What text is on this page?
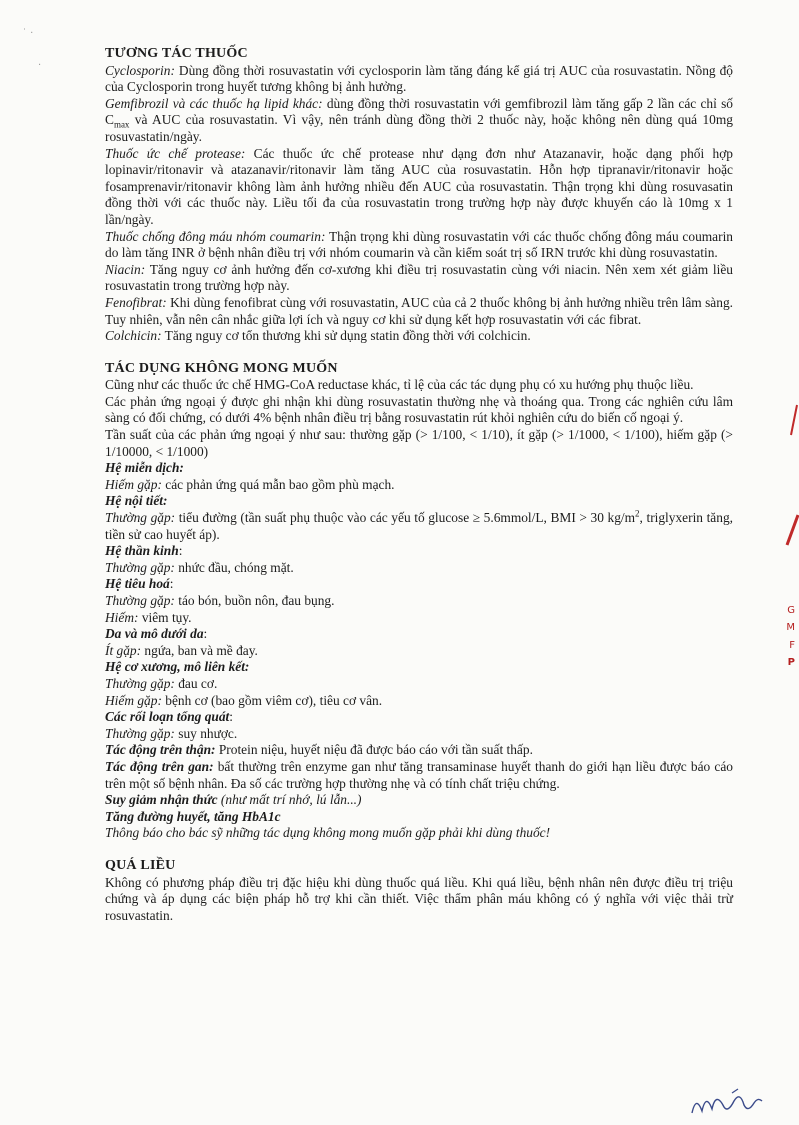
˙ ·
·

TƯƠNG TÁC THUỐC

Cyclosporin: Dùng đồng thời rosuvastatin với cyclosporin làm tăng đáng kể giá trị AUC của rosuvastatin. Nồng độ của Cyclosporin trong huyết tương không bị ảnh hưởng.

Gemfibrozil và các thuốc hạ lipid khác: dùng đồng thời rosuvastatin với gemfibrozil làm tăng gấp 2 lần các chỉ số $C_{max}$ và AUC của rosuvastatin. Vì vậy, nên tránh dùng đồng thời 2 thuốc này, hoặc không nên dùng quá 10mg rosuvastatin/ngày.

Thuốc ức chế protease: Các thuốc ức chế protease như dạng đơn như Atazanavir, hoặc dạng phối hợp lopinavir/ritonavir và atazanavir/ritonavir làm tăng AUC của rosuvastatin. Hỗn hợp tipranavir/ritonavir hoặc fosamprenavir/ritonavir không làm ảnh hưởng nhiều đến AUC của rosuvastatin. Thận trọng khi dùng rosuvasatin đồng thời với các thuốc này. Liều tối đa của rosuvastatin trong trường hợp này được khuyến cáo là 10mg x 1 lần/ngày.

Thuốc chống đông máu nhóm coumarin: Thận trọng khi dùng rosuvastatin với các thuốc chống đông máu coumarin do làm tăng INR ở bệnh nhân điều trị với nhóm coumarin và cần kiểm soát trị số IRN trước khi dùng rosuvastatin.

Niacin: Tăng nguy cơ ảnh hưởng đến cơ-xương khi điều trị rosuvastatin cùng với niacin. Nên xem xét giảm liều rosuvastatin trong trường hợp này.

Fenofibrat: Khi dùng fenofibrat cùng với rosuvastatin, AUC của cả 2 thuốc không bị ảnh hưởng nhiều trên lâm sàng. Tuy nhiên, vẫn nên cân nhắc giữa lợi ích và nguy cơ khi sử dụng kết hợp rosuvastatin với các fibrat.

Colchicin: Tăng nguy cơ tổn thương khi sử dụng statin đồng thời với colchicin.

TÁC DỤNG KHÔNG MONG MUỐN

Cũng như các thuốc ức chế HMG-CoA reductase khác, tỉ lệ của các tác dụng phụ có xu hướng phụ thuộc liều.

Các phản ứng ngoại ý được ghi nhận khi dùng rosuvastatin thường nhẹ và thoáng qua. Trong các nghiên cứu lâm sàng có đối chứng, có dưới 4% bệnh nhân điều trị bằng rosuvastatin rút khỏi nghiên cứu do biến cố ngoại ý.

Tần suất của các phản ứng ngoại ý như sau: thường gặp (> 1/100, < 1/10), ít gặp (> 1/1000, < 1/100), hiếm gặp (> 1/10000, < 1/1000)

Hệ miễn dịch:

Hiếm gặp: các phản ứng quá mẫn bao gồm phù mạch.

Hệ nội tiết:

Thường gặp: tiểu đường (tần suất phụ thuộc vào các yếu tố glucose ≥ 5.6mmol/L, BMI > 30 $kg/m^2$, triglyxerin tăng, tiền sử cao huyết áp).

Hệ thần kinh:

Thường gặp: nhức đầu, chóng mặt.

Hệ tiêu hoá:

Thường gặp: táo bón, buồn nôn, đau bụng.

Hiếm: viêm tụy.

Da và mô dưới da:

Ít gặp: ngứa, ban và mề đay.

Hệ cơ xương, mô liên kết:

Thường gặp: đau cơ.

Hiếm gặp: bệnh cơ (bao gồm viêm cơ), tiêu cơ vân.

Các rối loạn tổng quát:

Thường gặp: suy nhược.

Tác động trên thận: Protein niệu, huyết niệu đã được báo cáo với tần suất thấp.

Tác động trên gan: bất thường trên enzyme gan như tăng transaminase huyết thanh do giới hạn liều được báo cáo trên một số bệnh nhân. Đa số các trường hợp thường nhẹ và có tính chất triệu chứng.

Suy giảm nhận thức (như mất trí nhớ, lú lẫn...)

Tăng đường huyết, tăng HbA1c

Thông báo cho bác sỹ những tác dụng không mong muốn gặp phải khi dùng thuốc!

QUÁ LIỀU

Không có phương pháp điều trị đặc hiệu khi dùng thuốc quá liều. Khi quá liều, bệnh nhân nên được điều trị triệu chứng và áp dụng các biện pháp hỗ trợ khi cần thiết. Việc thẩm phân máu không có ý nghĩa với việc thải trừ rosuvastatin.

G
M
F
P
